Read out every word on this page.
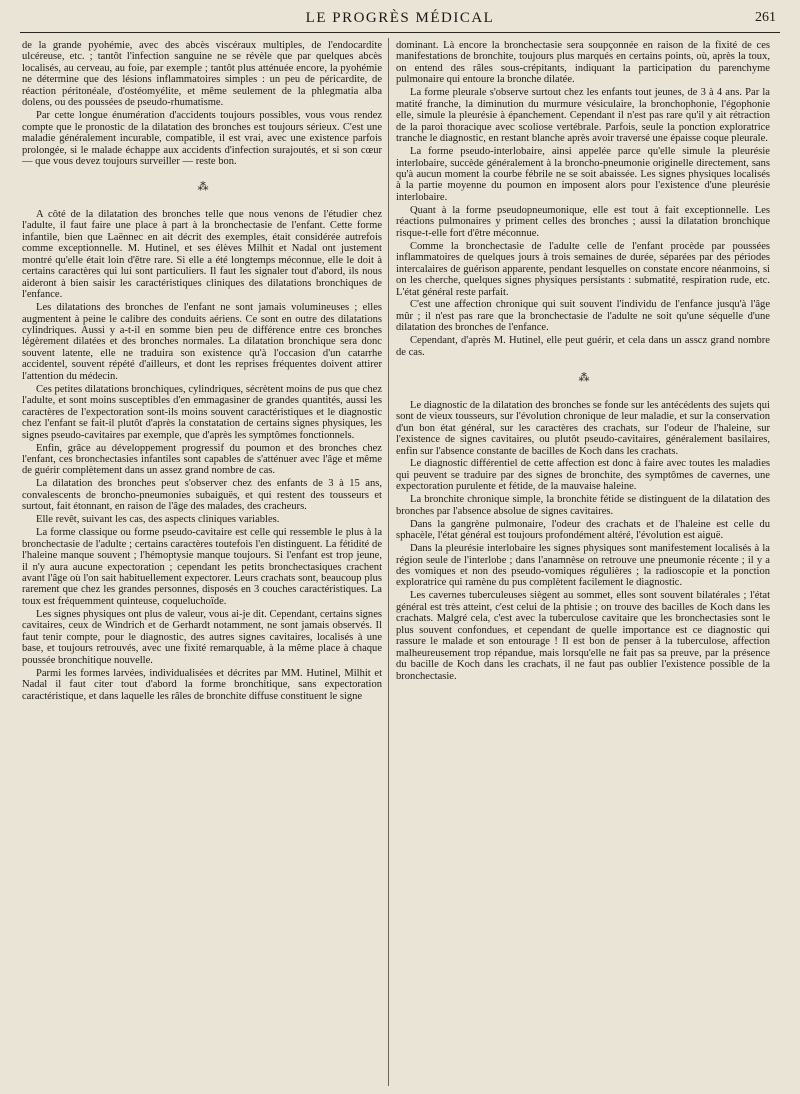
LE PROGRÈS MÉDICAL	261

de la grande pyohémie, avec des abcès viscéraux multiples, de l'endocardite ulcéreuse, etc. ; tantôt l'infection sanguine ne se révèle que par quelques abcès localisés, au cerveau, au foie, par exemple ; tantôt plus atténuée encore, la pyohémie ne détermine que des lésions inflammatoires simples : un peu de péricardite, de réaction péritonéale, d'ostéomyélite, et même seulement de la phlegmatia alba dolens, ou des poussées de pseudo-rhumatisme.

Par cette longue énumération d'accidents toujours possibles, vous vous rendez compte que le pronostic de la dilatation des bronches est toujours sérieux. C'est une maladie généralement incurable, compatible, il est vrai, avec une existence parfois prolongée, si le malade échappe aux accidents d'infection surajoutés, et si son cœur — que vous devez toujours surveiller — reste bon.

⁂

A côté de la dilatation des bronches telle que nous venons de l'étudier chez l'adulte, il faut faire une place à part à la bronchectasie de l'enfant. Cette forme infantile, bien que Laënnec en ait décrit des exemples, était considérée autrefois comme exceptionnelle. M. Hutinel, et ses élèves Milhit et Nadal ont justement montré qu'elle était loin d'être rare. Si elle a été longtemps méconnue, elle le doit à certains caractères qui lui sont particuliers. Il faut les signaler tout d'abord, ils nous aideront à bien saisir les caractéristiques cliniques des dilatations bronchiques de l'enfance.

Les dilatations des bronches de l'enfant ne sont jamais volumineuses ; elles augmentent à peine le calibre des conduits aériens. Ce sont en outre des dilatations cylindriques. Aussi y a-t-il en somme bien peu de différence entre ces bronches légèrement dilatées et des bronches normales. La dilatation bronchique sera donc souvent latente, elle ne traduira son existence qu'à l'occasion d'un catarrhe accidentel, souvent répété d'ailleurs, et dont les reprises fréquentes doivent attirer l'attention du médecin.

Ces petites dilatations bronchiques, cylindriques, sécrètent moins de pus que chez l'adulte, et sont moins susceptibles d'en emmagasiner de grandes quantités, aussi les caractères de l'expectoration sont-ils moins souvent caractéristiques et le diagnostic chez l'enfant se fait-il plutôt d'après la constatation de certains signes physiques, les signes pseudo-cavitaires par exemple, que d'après les symptômes fonctionnels.

Enfin, grâce au développement progressif du poumon et des bronches chez l'enfant, ces bronchectasies infantiles sont capables de s'atténuer avec l'âge et même de guérir complètement dans un assez grand nombre de cas.

La dilatation des bronches peut s'observer chez des enfants de 3 à 15 ans, convalescents de broncho-pneumonies subaiguës, et qui restent des tousseurs et surtout, fait étonnant, en raison de l'âge des malades, des cracheurs.

Elle revêt, suivant les cas, des aspects cliniques variables.

La forme classique ou forme pseudo-cavitaire est celle qui ressemble le plus à la bronchectasie de l'adulte ; certains caractères toutefois l'en distinguent. La fétidité de l'haleine manque souvent ; l'hémoptysie manque toujours. Si l'enfant est trop jeune, il n'y aura aucune expectoration ; cependant les petits bronchectasiques crachent avant l'âge où l'on sait habituellement expectorer. Leurs crachats sont, beaucoup plus rarement que chez les grandes personnes, disposés en 3 couches caractéristiques. La toux est fréquemment quinteuse, coqueluchoïde.

Les signes physiques ont plus de valeur, vous ai-je dit. Cependant, certains signes cavitaires, ceux de Windrich et de Gerhardt notamment, ne sont jamais observés. Il faut tenir compte, pour le diagnostic, des autres signes cavitaires, localisés à une base, et toujours retrouvés, avec une fixité remarquable, à la même place à chaque poussée bronchitique nouvelle.

Parmi les formes larvées, individualisées et décrites par MM. Hutinel, Milhit et Nadal il faut citer tout d'abord la forme bronchitique, sans expectoration caractéristique, et dans laquelle les râles de bronchite diffuse constituent le signe

dominant. Là encore la bronchectasie sera soupçonnée en raison de la fixité de ces manifestations de bronchite, toujours plus marqués en certains points, où, après la toux, on entend des râles sous-crépitants, indiquant la participation du parenchyme pulmonaire qui entoure la bronche dilatée.

La forme pleurale s'observe surtout chez les enfants tout jeunes, de 3 à 4 ans. Par la matité franche, la diminution du murmure vésiculaire, la bronchophonie, l'égophonie elle, simule la pleurésie à épanchement. Cependant il n'est pas rare qu'il y ait rétraction de la paroi thoracique avec scoliose vertébrale. Parfois, seule la ponction exploratrice tranche le diagnostic, en restant blanche après avoir traversé une épaisse coque pleurale.

La forme pseudo-interlobaire, ainsi appelée parce qu'elle simule la pleurésie interlobaire, succède généralement à la broncho-pneumonie originelle directement, sans qu'à aucun moment la courbe fébrile ne se soit abaissée. Les signes physiques localisés à la partie moyenne du poumon en imposent alors pour l'existence d'une pleurésie interlobaire.

Quant à la forme pseudopneumonique, elle est tout à fait exceptionnelle. Les réactions pulmonaires y priment celles des bronches ; aussi la dilatation bronchique risque-t-elle fort d'être méconnue.

Comme la bronchectasie de l'adulte celle de l'enfant procède par poussées inflammatoires de quelques jours à trois semaines de durée, séparées par des périodes intercalaires de guérison apparente, pendant lesquelles on constate encore néanmoins, si on les cherche, quelques signes physiques persistants : submatité, respiration rude, etc. L'état général reste parfait.

C'est une affection chronique qui suit souvent l'individu de l'enfance jusqu'à l'âge mûr ; il n'est pas rare que la bronchectasie de l'adulte ne soit qu'une séquelle d'une dilatation des bronches de l'enfance.

Cependant, d'après M. Hutinel, elle peut guérir, et cela dans un asscz grand nombre de cas.

⁂

Le diagnostic de la dilatation des bronches se fonde sur les antécédents des sujets qui sont de vieux tousseurs, sur l'évolution chronique de leur maladie, et sur la conservation d'un bon état général, sur les caractères des crachats, sur l'odeur de l'haleine, sur l'existence de signes cavitaires, ou plutôt pseudo-cavitaires, généralement basilaires, enfin sur l'absence constante de bacilles de Koch dans les crachats.

Le diagnostic différentiel de cette affection est donc à faire avec toutes les maladies qui peuvent se traduire par des signes de bronchite, des symptômes de cavernes, une expectoration purulente et fétide, de la mauvaise haleine.

La bronchite chronique simple, la bronchite fétide se distinguent de la dilatation des bronches par l'absence absolue de signes cavitaires.

Dans la gangrène pulmonaire, l'odeur des crachats et de l'haleine est celle du sphacèle, l'état général est toujours profondément altéré, l'évolution est aiguë.

Dans la pleurésie interlobaire les signes physiques sont manifestement localisés à la région seule de l'interlobe ; dans l'anamnèse on retrouve une pneumonie récente ; il y a des vomiques et non des pseudo-vomiques régulières ; la radioscopie et la ponction exploratrice qui ramène du pus complètent facilement le diagnostic.

Les cavernes tuberculeuses siègent au sommet, elles sont souvent bilatérales ; l'état général est très atteint, c'est celui de la phtisie ; on trouve des bacilles de Koch dans les crachats. Malgré cela, c'est avec la tuberculose cavitaire que les bronchectasies sont le plus souvent confondues, et cependant de quelle importance est ce diagnostic qui rassure le malade et son entourage ! Il est bon de penser à la tuberculose, affection malheureusement trop répandue, mais lorsqu'elle ne fait pas sa preuve, par la présence du bacille de Koch dans les crachats, il ne faut pas oublier l'existence possible de la bronchectasie.
